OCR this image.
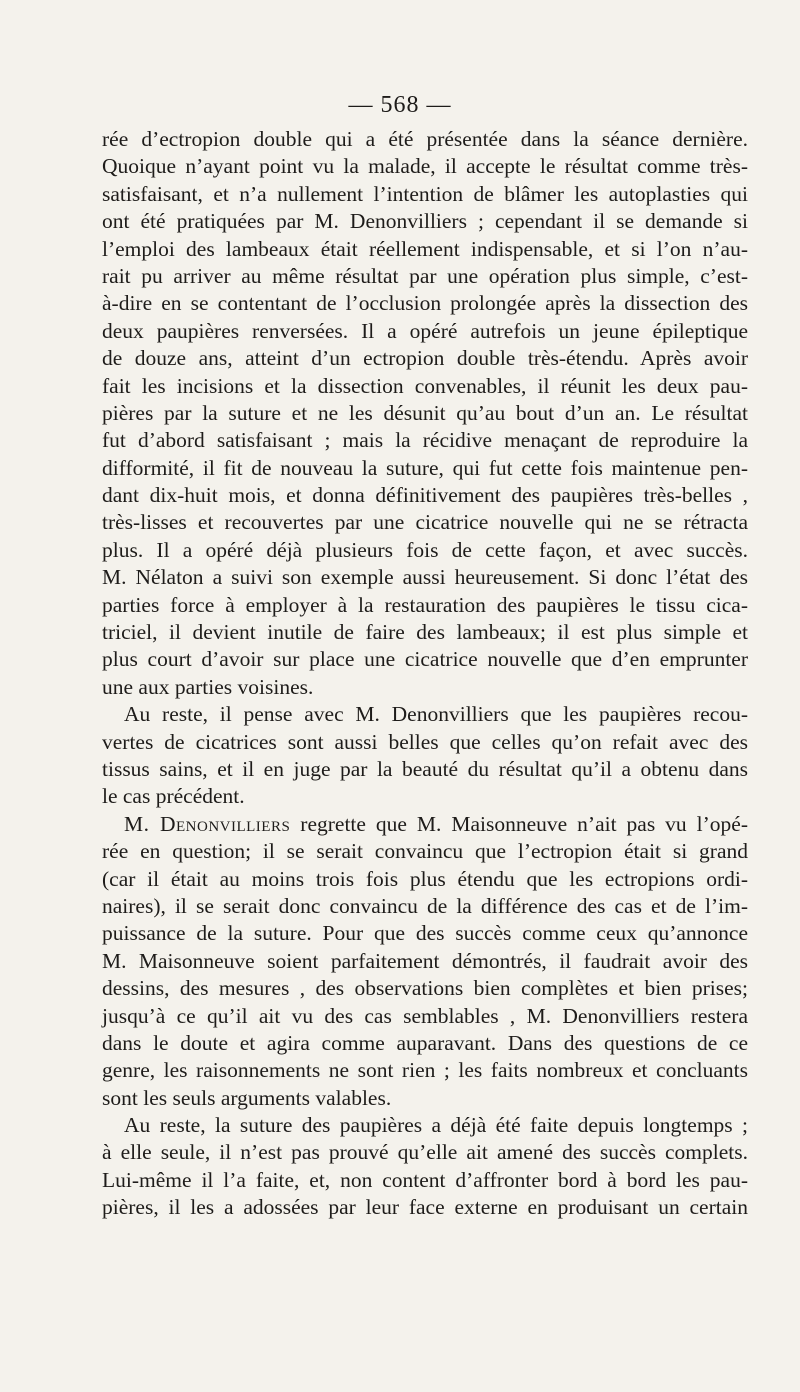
— 568 —
rée d’ectropion double qui a été présentée dans la séance dernière.
Quoique n’ayant point vu la malade, il accepte le résultat comme très-
satisfaisant, et n’a nullement l’intention de blâmer les autoplasties qui
ont été pratiquées par M. Denonvilliers ; cependant il se demande si
l’emploi des lambeaux était réellement indispensable, et si l’on n’au-
rait pu arriver au même résultat par une opération plus simple, c’est-
à-dire en se contentant de l’occlusion prolongée après la dissection des
deux paupières renversées. Il a opéré autrefois un jeune épileptique
de douze ans, atteint d’un ectropion double très-étendu. Après avoir
fait les incisions et la dissection convenables, il réunit les deux pau-
pières par la suture et ne les désunit qu’au bout d’un an. Le résultat
fut d’abord satisfaisant ; mais la récidive menaçant de reproduire la
difformité, il fit de nouveau la suture, qui fut cette fois maintenue pen-
dant dix-huit mois, et donna définitivement des paupières très-belles ,
très-lisses et recouvertes par une cicatrice nouvelle qui ne se rétracta
plus. Il a opéré déjà plusieurs fois de cette façon, et avec succès.
M. Nélaton a suivi son exemple aussi heureusement. Si donc l’état des
parties force à employer à la restauration des paupières le tissu cica-
triciel, il devient inutile de faire des lambeaux; il est plus simple et
plus court d’avoir sur place une cicatrice nouvelle que d’en emprunter
une aux parties voisines.
Au reste, il pense avec M. Denonvilliers que les paupières recou-
vertes de cicatrices sont aussi belles que celles qu’on refait avec des
tissus sains, et il en juge par la beauté du résultat qu’il a obtenu dans
le cas précédent.
M. Denonvilliers regrette que M. Maisonneuve n’ait pas vu l’opé-
rée en question; il se serait convaincu que l’ectropion était si grand
(car il était au moins trois fois plus étendu que les ectropions ordi-
naires), il se serait donc convaincu de la différence des cas et de l’im-
puissance de la suture. Pour que des succès comme ceux qu’annonce
M. Maisonneuve soient parfaitement démontrés, il faudrait avoir des
dessins, des mesures , des observations bien complètes et bien prises;
jusqu’à ce qu’il ait vu des cas semblables , M. Denonvilliers restera
dans le doute et agira comme auparavant. Dans des questions de ce
genre, les raisonnements ne sont rien ; les faits nombreux et concluants
sont les seuls arguments valables.
Au reste, la suture des paupières a déjà été faite depuis longtemps ;
à elle seule, il n’est pas prouvé qu’elle ait amené des succès complets.
Lui-même il l’a faite, et, non content d’affronter bord à bord les pau-
pières, il les a adossées par leur face externe en produisant un certain
